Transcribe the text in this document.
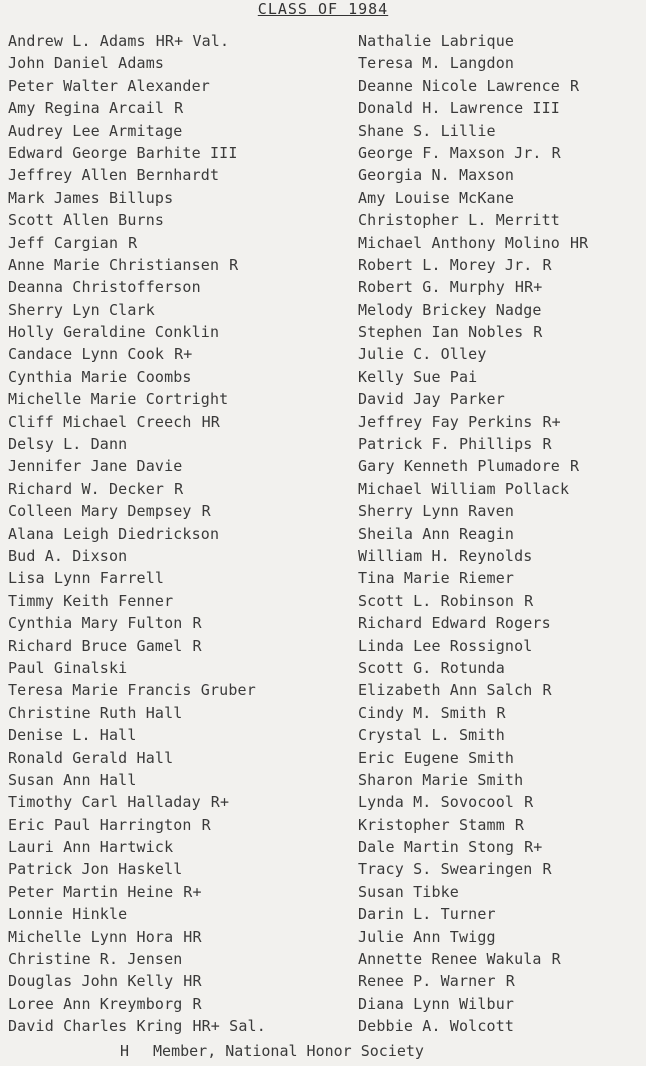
CLASS OF 1984
Andrew L. Adams HR+ Val.
John Daniel Adams
Peter Walter Alexander
Amy Regina Arcail R
Audrey Lee Armitage
Edward George Barhite III
Jeffrey Allen Bernhardt
Mark James Billups
Scott Allen Burns
Jeff Cargian R
Anne Marie Christiansen R
Deanna Christofferson
Sherry Lyn Clark
Holly Geraldine Conklin
Candace Lynn Cook R+
Cynthia Marie Coombs
Michelle Marie Cortright
Cliff Michael Creech HR
Delsy L. Dann
Jennifer Jane Davie
Richard W. Decker R
Colleen Mary Dempsey R
Alana Leigh Diedrickson
Bud A. Dixson
Lisa Lynn Farrell
Timmy Keith Fenner
Cynthia Mary Fulton R
Richard Bruce Gamel R
Paul Ginalski
Teresa Marie Francis Gruber
Christine Ruth Hall
Denise L. Hall
Ronald Gerald Hall
Susan Ann Hall
Timothy Carl Halladay R+
Eric Paul Harrington R
Lauri Ann Hartwick
Patrick Jon Haskell
Peter Martin Heine R+
Lonnie Hinkle
Michelle Lynn Hora HR
Christine R. Jensen
Douglas John Kelly HR
Loree Ann Kreymborg R
David Charles Kring HR+ Sal.
Nathalie Labrique
Teresa M. Langdon
Deanne Nicole Lawrence R
Donald H. Lawrence III
Shane S. Lillie
George F. Maxson Jr. R
Georgia N. Maxson
Amy Louise McKane
Christopher L. Merritt
Michael Anthony Molino HR
Robert L. Morey Jr. R
Robert G. Murphy HR+
Melody Brickey Nadge
Stephen Ian Nobles R
Julie C. Olley
Kelly Sue Pai
David Jay Parker
Jeffrey Fay Perkins R+
Patrick F. Phillips R
Gary Kenneth Plumadore R
Michael William Pollack
Sherry Lynn Raven
Sheila Ann Reagin
William H. Reynolds
Tina Marie Riemer
Scott L. Robinson R
Richard Edward Rogers
Linda Lee Rossignol
Scott G. Rotunda
Elizabeth Ann Salch R
Cindy M. Smith R
Crystal L. Smith
Eric Eugene Smith
Sharon Marie Smith
Lynda M. Sovocool R
Kristopher Stamm R
Dale Martin Stong R+
Tracy S. Swearingen R
Susan Tibke
Darin L. Turner
Julie Ann Twigg
Annette Renee Wakula R
Renee P. Warner R
Diana Lynn Wilbur
Debbie A. Wolcott
H Member, National Honor Society
